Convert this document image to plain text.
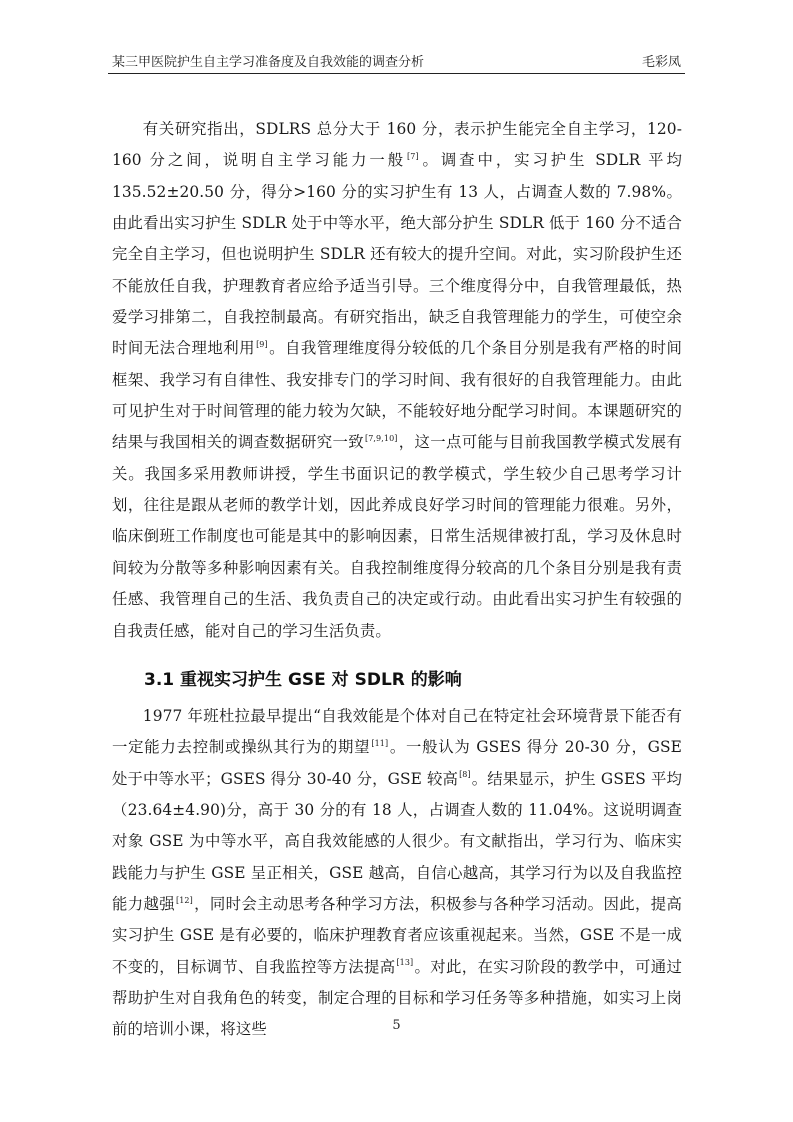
某三甲医院护生自主学习准备度及自我效能的调查分析	毛彩凤

有关研究指出，SDLRS 总分大于 160 分，表示护生能完全自主学习，120-160 分之间，说明自主学习能力一般[7]。调查中，实习护生 SDLR 平均 135.52±20.50 分，得分>160 分的实习护生有 13 人，占调查人数的 7.98%。由此看出实习护生 SDLR 处于中等水平，绝大部分护生 SDLR 低于 160 分不适合完全自主学习，但也说明护生 SDLR 还有较大的提升空间。对此，实习阶段护生还不能放任自我，护理教育者应给予适当引导。三个维度得分中，自我管理最低，热爱学习排第二，自我控制最高。有研究指出，缺乏自我管理能力的学生，可使空余时间无法合理地利用[9]。自我管理维度得分较低的几个条目分别是我有严格的时间框架、我学习有自律性、我安排专门的学习时间、我有很好的自我管理能力。由此可见护生对于时间管理的能力较为欠缺，不能较好地分配学习时间。本课题研究的结果与我国相关的调查数据研究一致[7,9,10]，这一点可能与目前我国教学模式发展有关。我国多采用教师讲授，学生书面识记的教学模式，学生较少自己思考学习计划，往往是跟从老师的教学计划，因此养成良好学习时间的管理能力很难。另外，临床倒班工作制度也可能是其中的影响因素，日常生活规律被打乱，学习及休息时间较为分散等多种影响因素有关。自我控制维度得分较高的几个条目分别是我有责任感、我管理自己的生活、我负责自己的决定或行动。由此看出实习护生有较强的自我责任感，能对自己的学习生活负责。

3.1 重视实习护生 GSE 对 SDLR 的影响

1977 年班杜拉最早提出“自我效能是个体对自己在特定社会环境背景下能否有一定能力去控制或操纵其行为的期望[11]。一般认为 GSES 得分 20-30 分，GSE 处于中等水平；GSES 得分 30-40 分，GSE 较高[8]。结果显示，护生 GSES 平均（23.64±4.90)分，高于 30 分的有 18 人，占调查人数的 11.04%。这说明调查对象 GSE 为中等水平，高自我效能感的人很少。有文献指出，学习行为、临床实践能力与护生 GSE 呈正相关，GSE 越高，自信心越高，其学习行为以及自我监控能力越强[12]，同时会主动思考各种学习方法，积极参与各种学习活动。因此，提高实习护生 GSE 是有必要的，临床护理教育者应该重视起来。当然，GSE 不是一成不变的，目标调节、自我监控等方法提高[13]。对此，在实习阶段的教学中，可通过帮助护生对自我角色的转变，制定合理的目标和学习任务等多种措施，如实习上岗前的培训小课，将这些	5
